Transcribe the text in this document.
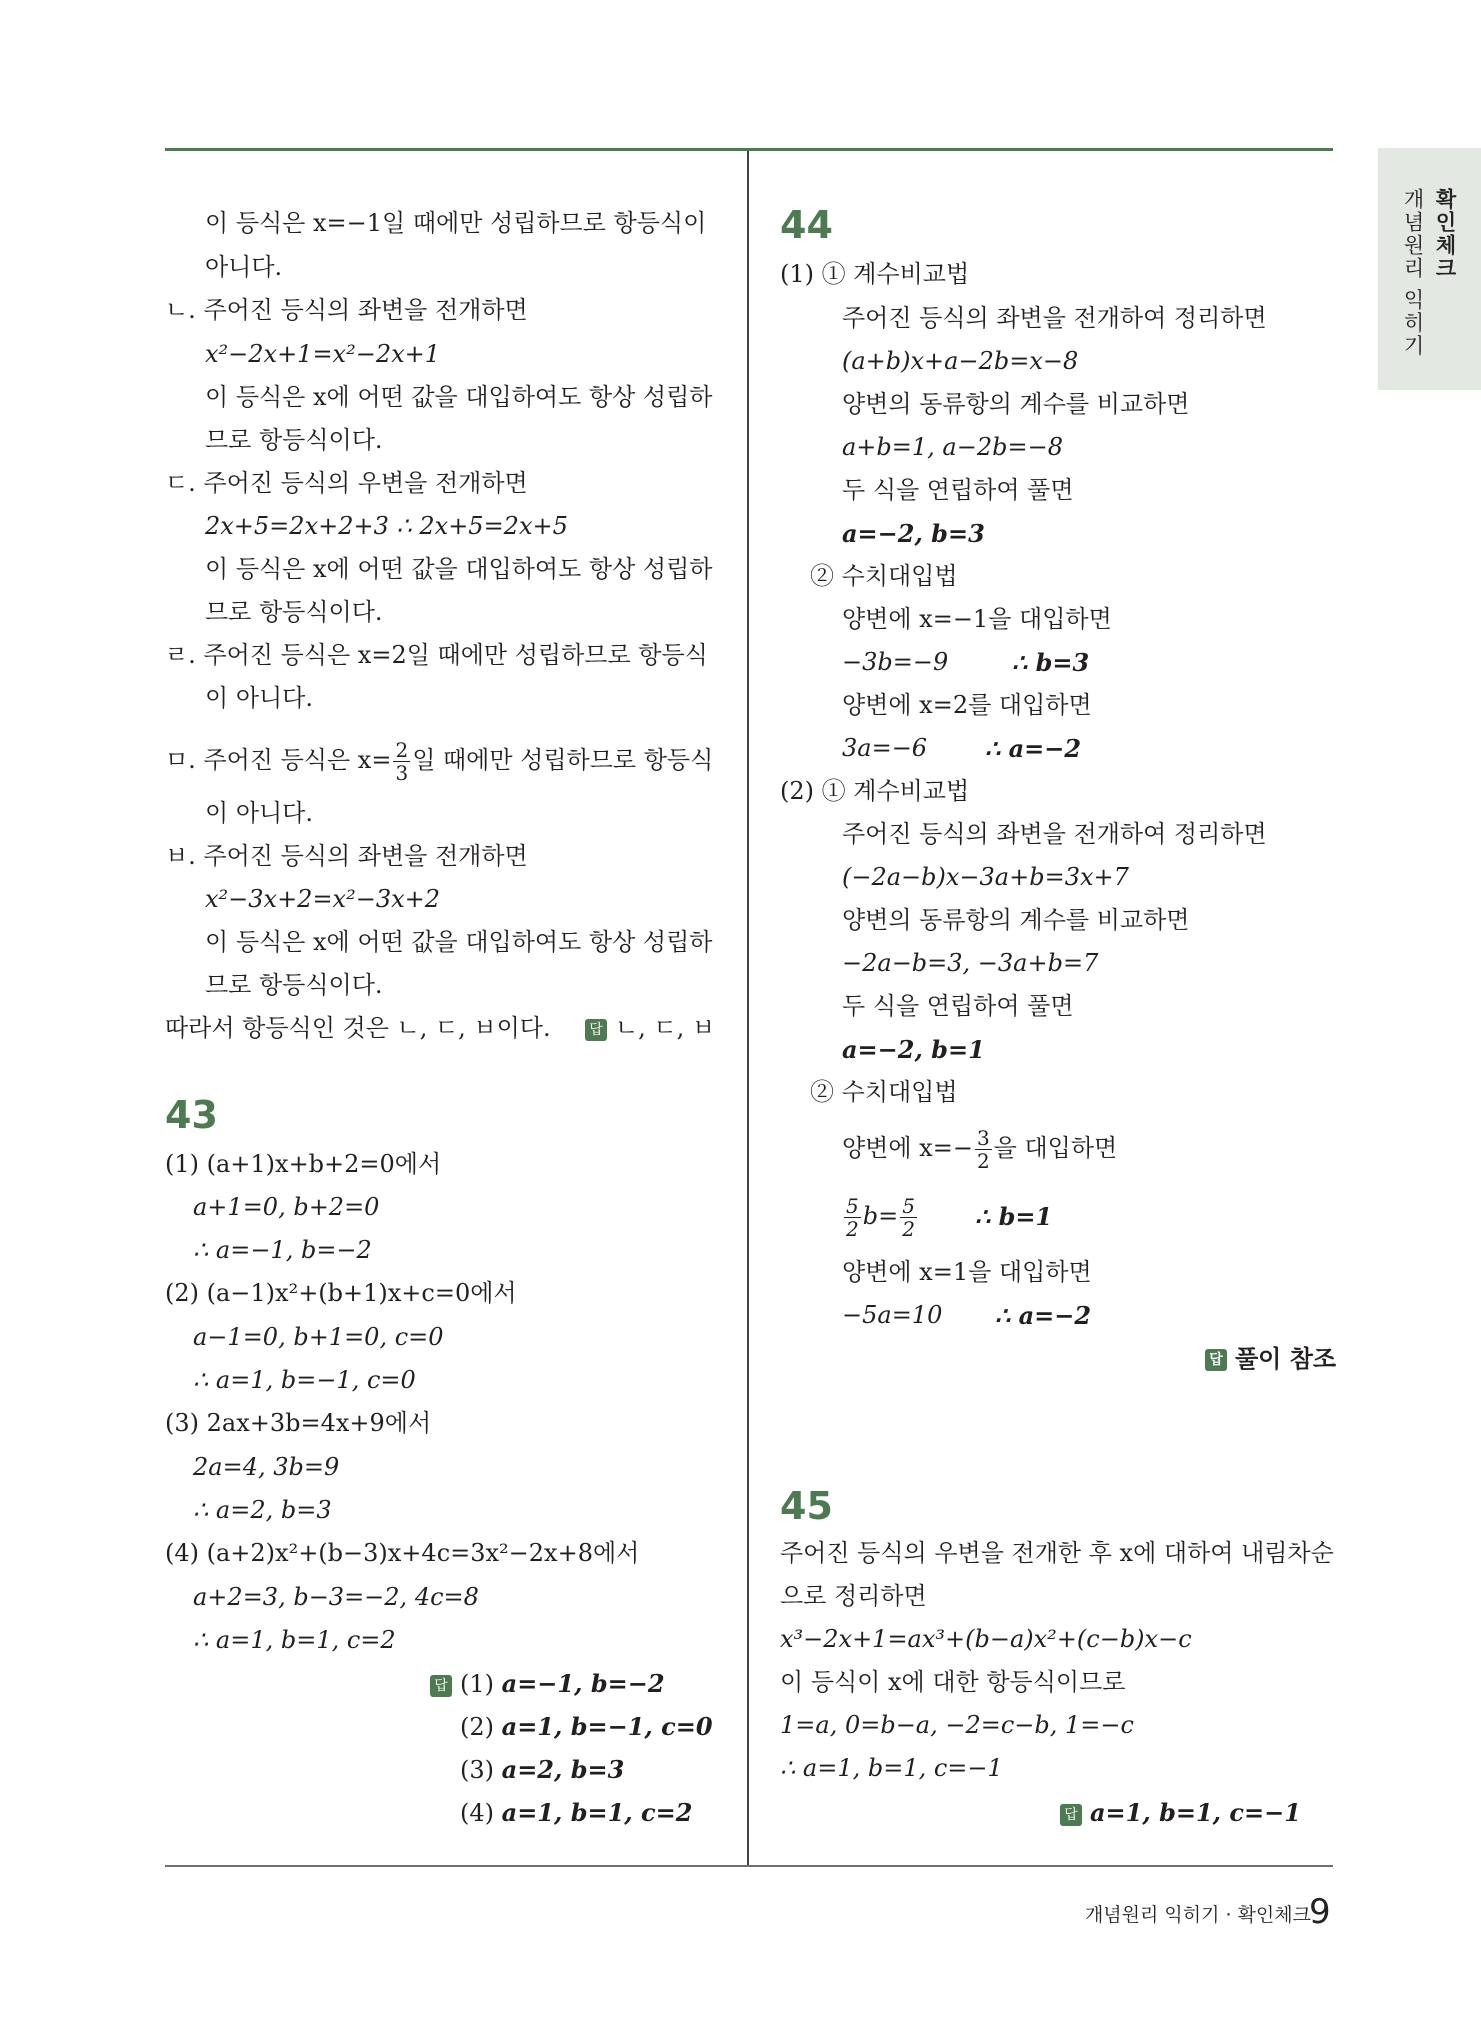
개념원리 익히기 확인체크
이 등식은 x=−1일 때에만 성립하므로 항등식이
아니다.
ㄴ. 주어진 등식의 좌변을 전개하면
x²−2x+1=x²−2x+1
이 등식은 x에 어떤 값을 대입하여도 항상 성립하
므로 항등식이다.
ㄷ. 주어진 등식의 우변을 전개하면
2x+5=2x+2+3 ∴ 2x+5=2x+5
이 등식은 x에 어떤 값을 대입하여도 항상 성립하
므로 항등식이다.
ㄹ. 주어진 등식은 x=2일 때에만 성립하므로 항등식
이 아니다.
ㅁ. 주어진 등식은 $x= \frac{2}{3}$ 일 때에만 성립하므로 항등식
이 아니다.
ㅂ. 주어진 등식의 좌변을 전개하면
x²−3x+2=x²−3x+2
이 등식은 x에 어떤 값을 대입하여도 항상 성립하
므로 항등식이다.
따라서 항등식인 것은 ㄴ, ㄷ, ㅂ이다.	답 ㄴ, ㄷ, ㅂ
43
(1) (a+1)x+b+2=0에서
a+1=0, b+2=0
∴ a=−1, b=−2
(2) (a−1)x²+(b+1)x+c=0에서
a−1=0, b+1=0, c=0
∴ a=1, b=−1, c=0
(3) 2ax+3b=4x+9에서
2a=4, 3b=9
∴ a=2, b=3
(4) (a+2)x²+(b−3)x+4c=3x²−2x+8에서
a+2=3, b−3=−2, 4c=8
∴ a=1, b=1, c=2
답 (1) a=−1, b=−2
(2) a=1, b=−1, c=0
(3) a=2, b=3
(4) a=1, b=1, c=2
44
(1) ① 계수비교법
주어진 등식의 좌변을 전개하여 정리하면
(a+b)x+a−2b=x−8
양변의 동류항의 계수를 비교하면
a+b=1, a−2b=−8
두 식을 연립하여 풀면
a=−2, b=3
② 수치대입법
양변에 x=−1을 대입하면
−3b=−9	∴ b=3
양변에 x=2를 대입하면
3a=−6 ∴ a=−2
(2) ① 계수비교법
주어진 등식의 좌변을 전개하여 정리하면
(−2a−b)x−3a+b=3x+7
양변의 동류항의 계수를 비교하면
−2a−b=3, −3a+b=7
두 식을 연립하여 풀면
a=−2, b=1
② 수치대입법
양변에 $x=- \frac{3}{2}$ 을 대입하면
$\frac{5}{2} b= \frac{5}{2}$ ∴ b=1
양변에 x=1을 대입하면
−5a=10 ∴ a=−2
답 풀이 참조
45
주어진 등식의 우변을 전개한 후 x에 대하여 내림차순
으로 정리하면
x³−2x+1=ax³+(b−a)x²+(c−b)x−c
이 등식이 x에 대한 항등식이므로
1=a, 0=b−a, −2=c−b, 1=−c
∴ a=1, b=1, c=−1
답 a=1, b=1, c=−1
개념원리 익히기 · 확인체크
9
